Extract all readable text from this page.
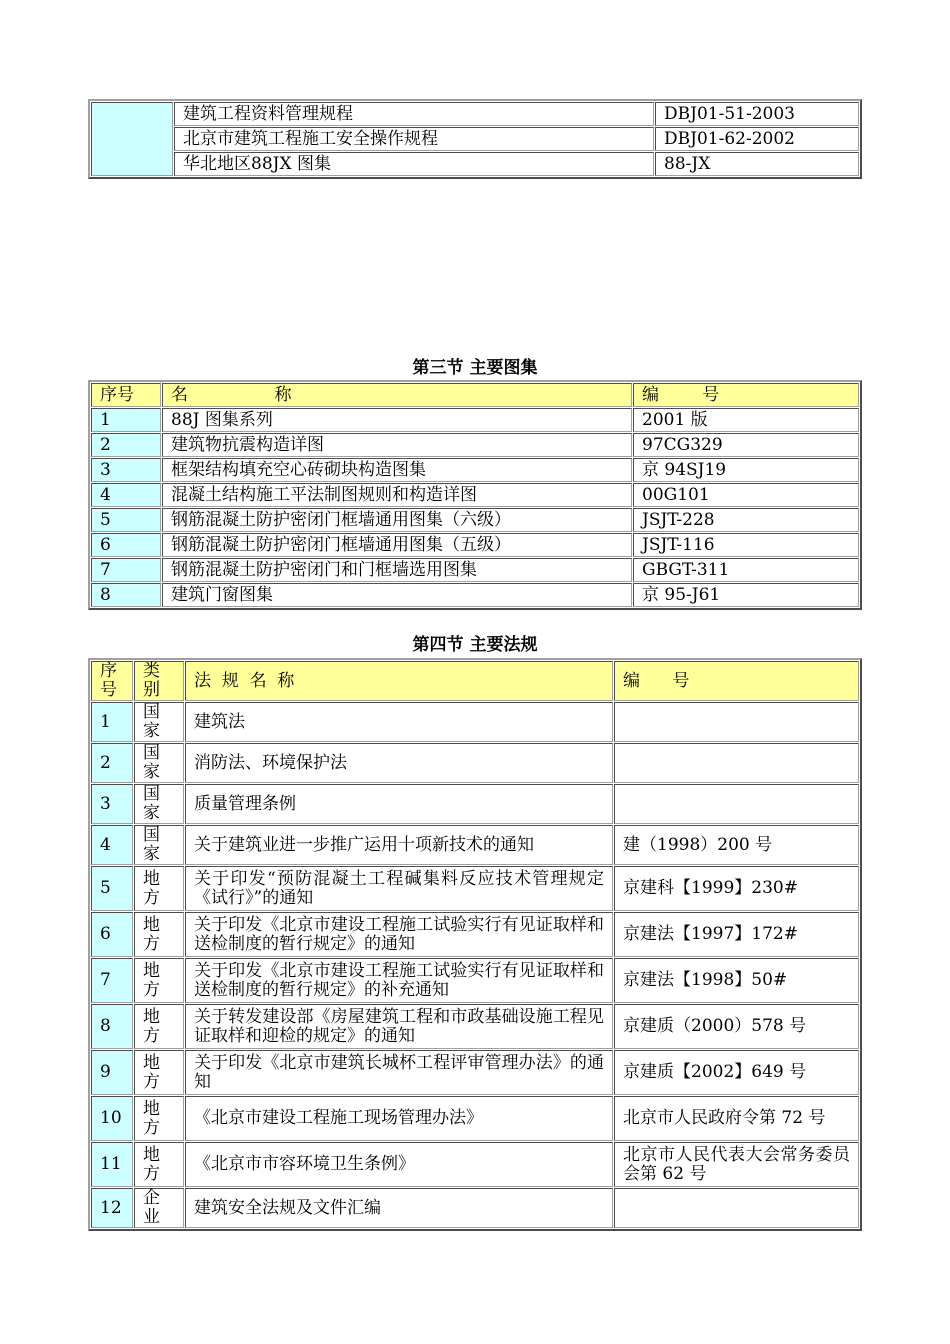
	建筑工程资料管理规程	DBJ01-51-2003
	北京市建筑工程施工安全操作规程	DBJ01-62-2002
	华北地区88JX 图集	88-JX
第三节 主要图集
序号	名                称	编        号
1	88J 图集系列	2001 版
2	建筑物抗震构造详图	97CG329
3	框架结构填充空心砖砌块构造图集	京 94SJ19
4	混凝土结构施工平法制图规则和构造详图	00G101
5	钢筋混凝土防护密闭门框墙通用图集（六级）	JSJT-228
6	钢筋混凝土防护密闭门框墙通用图集（五级）	JSJT-116
7	钢筋混凝土防护密闭门和门框墙选用图集	GBGT-311
8	建筑门窗图集	京 95-J61
第四节 主要法规
序号	类别	法  规  名  称	编      号
1	国家	建筑法	
2	国家	消防法、环境保护法	
3	国家	质量管理条例	
4	国家	关于建筑业进一步推广运用十项新技术的通知	建（1998）200 号
5	地方	关于印发“预防混凝土工程碱集料反应技术管理规定《试行》”的通知	京建科【1999】230#
6	地方	关于印发《北京市建设工程施工试验实行有见证取样和送检制度的暂行规定》的通知	京建法【1997】172#
7	地方	关于印发《北京市建设工程施工试验实行有见证取样和送检制度的暂行规定》的补充通知	京建法【1998】50#
8	地方	关于转发建设部《房屋建筑工程和市政基础设施工程见证取样和迎检的规定》的通知	京建质（2000）578 号
9	地方	关于印发《北京市建筑长城杯工程评审管理办法》的通知	京建质【2002】649 号
10	地方	《北京市建设工程施工现场管理办法》	北京市人民政府令第 72 号
11	地方	《北京市市容环境卫生条例》	北京市人民代表大会常务委员会第 62 号
12	企业	建筑安全法规及文件汇编	
